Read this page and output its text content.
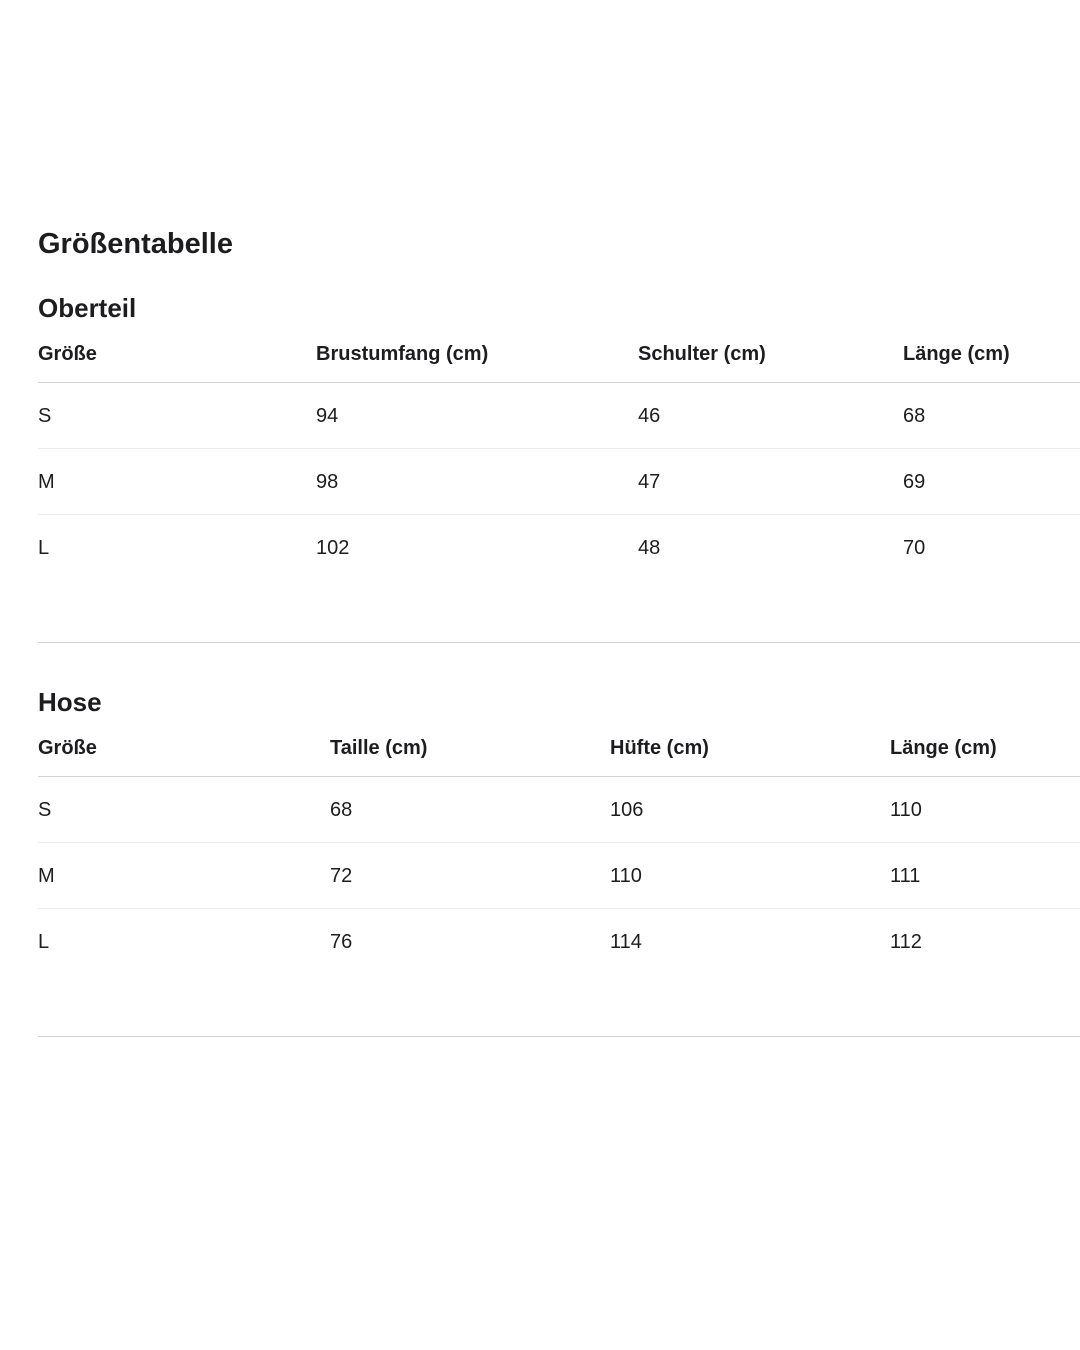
Größentabelle
Oberteil
Größe	Brustumfang (cm)	Schulter (cm)	Länge (cm)
S	94	46	68
M	98	47	69
L	102	48	70
Hose
Größe	Taille (cm)	Hüfte (cm)	Länge (cm)
S	68	106	110
M	72	110	111
L	76	114	112
